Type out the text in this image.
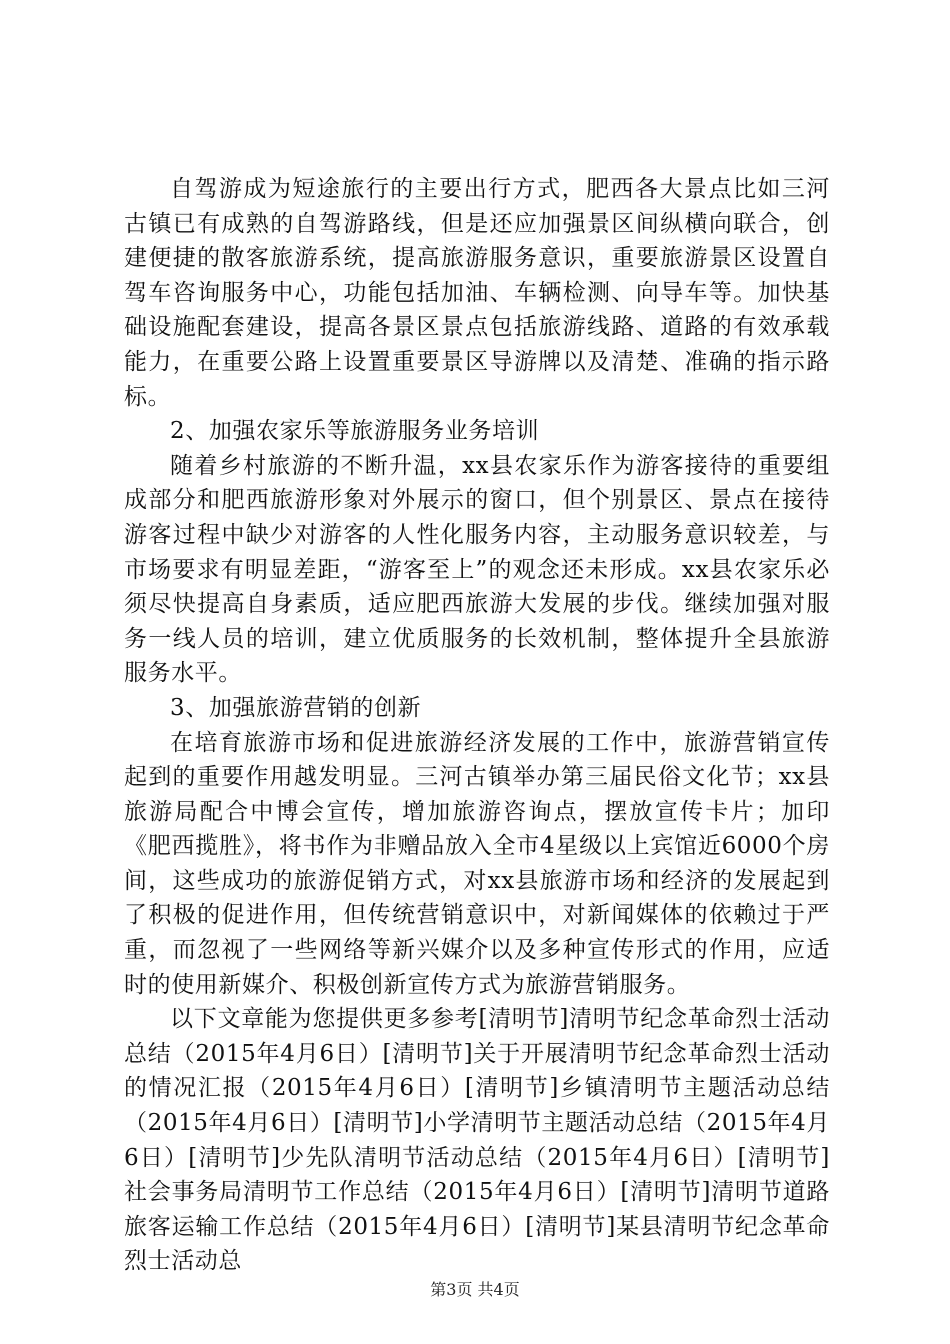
自驾游成为短途旅行的主要出行方式，肥西各大景点比如三河古镇已有成熟的自驾游路线，但是还应加强景区间纵横向联合，创建便捷的散客旅游系统，提高旅游服务意识，重要旅游景区设置自驾车咨询服务中心，功能包括加油、车辆检测、向导车等。加快基础设施配套建设，提高各景区景点包括旅游线路、道路的有效承载能力，在重要公路上设置重要景区导游牌以及清楚、准确的指示路标。

2、加强农家乐等旅游服务业务培训

随着乡村旅游的不断升温，xx县农家乐作为游客接待的重要组成部分和肥西旅游形象对外展示的窗口，但个别景区、景点在接待游客过程中缺少对游客的人性化服务内容，主动服务意识较差，与市场要求有明显差距，“游客至上”的观念还未形成。xx县农家乐必须尽快提高自身素质，适应肥西旅游大发展的步伐。继续加强对服务一线人员的培训，建立优质服务的长效机制，整体提升全县旅游服务水平。

3、加强旅游营销的创新

在培育旅游市场和促进旅游经济发展的工作中，旅游营销宣传起到的重要作用越发明显。三河古镇举办第三届民俗文化节；xx县旅游局配合中博会宣传，增加旅游咨询点，摆放宣传卡片；加印《肥西揽胜》，将书作为非赠品放入全市4星级以上宾馆近6000个房间，这些成功的旅游促销方式，对xx县旅游市场和经济的发展起到了积极的促进作用，但传统营销意识中，对新闻媒体的依赖过于严重，而忽视了一些网络等新兴媒介以及多种宣传形式的作用，应适时的使用新媒介、积极创新宣传方式为旅游营销服务。

以下文章能为您提供更多参考[清明节]清明节纪念革命烈士活动总结（2015年4月6日）[清明节]关于开展清明节纪念革命烈士活动的情况汇报（2015年4月6日）[清明节]乡镇清明节主题活动总结（2015年4月6日）[清明节]小学清明节主题活动总结（2015年4月6日）[清明节]少先队清明节活动总结（2015年4月6日）[清明节]社会事务局清明节工作总结（2015年4月6日）[清明节]清明节道路旅客运输工作总结（2015年4月6日）[清明节]某县清明节纪念革命烈士活动总

第3页 共4页
